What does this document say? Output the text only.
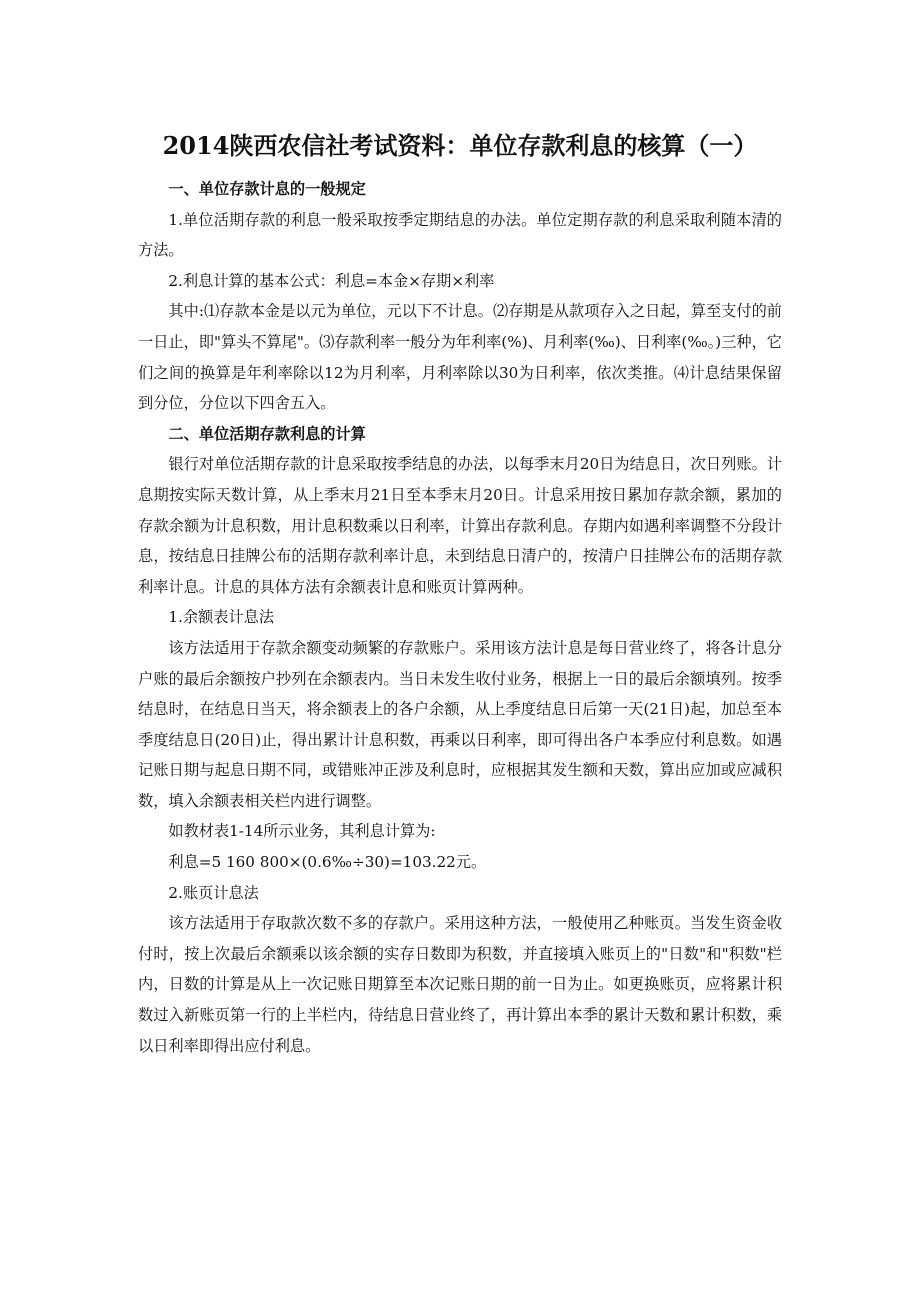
2014陕西农信社考试资料：单位存款利息的核算（一）

一、单位存款计息的一般规定

1.单位活期存款的利息一般采取按季定期结息的办法。单位定期存款的利息采取利随本清的方法。

2.利息计算的基本公式：利息=本金×存期×利率

其中:⑴存款本金是以元为单位，元以下不计息。⑵存期是从款项存入之日起，算至支付的前一日止，即"算头不算尾"。⑶存款利率一般分为年利率(%)、月利率(‰)、日利率(‰。)三种，它们之间的换算是年利率除以12为月利率，月利率除以30为日利率，依次类推。⑷计息结果保留到分位，分位以下四舍五入。

二、单位活期存款利息的计算

银行对单位活期存款的计息采取按季结息的办法，以每季末月20日为结息日，次日列账。计息期按实际天数计算，从上季末月21日至本季末月20日。计息采用按日累加存款余额，累加的存款余额为计息积数，用计息积数乘以日利率，计算出存款利息。存期内如遇利率调整不分段计息，按结息日挂牌公布的活期存款利率计息，未到结息日清户的，按清户日挂牌公布的活期存款利率计息。计息的具体方法有余额表计息和账页计算两种。

1.余额表计息法

该方法适用于存款余额变动频繁的存款账户。采用该方法计息是每日营业终了，将各计息分户账的最后余额按户抄列在余额表内。当日未发生收付业务，根据上一日的最后余额填列。按季结息时，在结息日当天，将余额表上的各户余额，从上季度结息日后第一天(21日)起，加总至本季度结息日(20日)止，得出累计计息积数，再乘以日利率，即可得出各户本季应付利息数。如遇记账日期与起息日期不同，或错账冲正涉及利息时，应根据其发生额和天数，算出应加或应减积数，填入余额表相关栏内进行调整。

如教材表1-14所示业务，其利息计算为:

利息=5 160 800×(0.6‰÷30)=103.22元。

2.账页计息法

该方法适用于存取款次数不多的存款户。采用这种方法，一般使用乙种账页。当发生资金收付时，按上次最后余额乘以该余额的实存日数即为积数，并直接填入账页上的"日数"和"积数"栏内，日数的计算是从上一次记账日期算至本次记账日期的前一日为止。如更换账页，应将累计积数过入新账页第一行的上半栏内，待结息日营业终了，再计算出本季的累计天数和累计积数，乘以日利率即得出应付利息。
